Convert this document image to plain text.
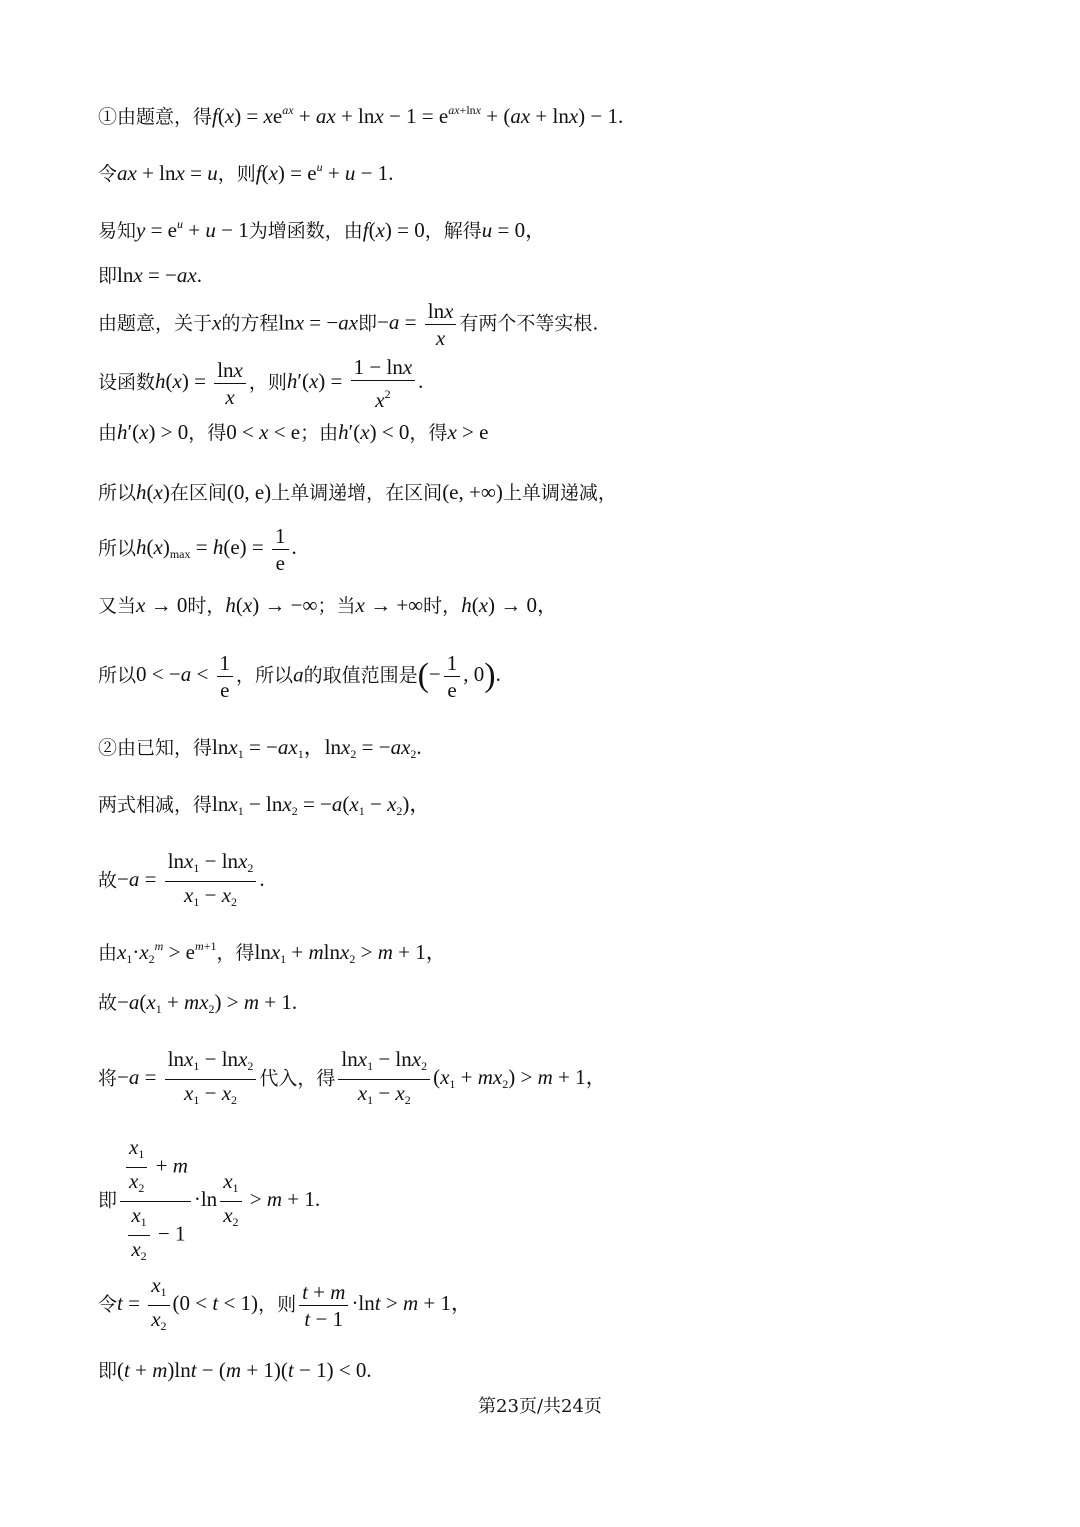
①由题意，得$f(x) = xe^{ax}$ + ax + $\ln x - 1 = e^{ax+lnx} + (ax + \ln x) - 1$.
令ax + lnx = u，则$f(x) = e^u + u - 1$.
易知$y = e^u + u - 1$为增函数，由f(x) = 0，解得u = 0，
即lnx = −ax.
由题意，关于x的方程lnx = −ax即$-a = \frac{\ln x}{x}$ 有两个不等实根.
设函数$h(x) = \frac{\ln x}{x}$ ，则$h'(x) = \frac{1 - \ln x}{x^2}$ .
由h′(x) > 0，得0 < x < e；由h′(x) < 0，得x > e
所以h(x)在区间(0, e)上单调递增，在区间(e, +∞)上单调递减，
所以$h(x)_{max} = h(e) = \frac{1}{e}$ .
又当x → 0时，h(x) → −∞；当x → +∞时，h(x) → 0，
所以$0 < -a < \frac{1}{e}$ ，所以a的取值范围是(− $\frac{1}{e}$ , 0).
②由已知，得$\ln x_1 = -ax_1$，$\ln x_2 = -ax_2$.
两式相减，得$\ln x_1 - \ln x_2 = -a(x_1 - x_2)$，
故$-a = \frac{\ln x_1 - \ln x_2}{x_1 - x_2}$ .
由$x_1\cdot x_2^m > e^{m+1}$，得lnx$_1$ + mlnx$_2$ > m + 1，
故$-a(x_1 + mx_2) > m + 1$.
将$-a = \frac{\ln x_1 - \ln x_2}{x_1 - x_2}$ 代入，得 $\frac{\ln x_1 - \ln x_2}{x_1 - x_2} (x_1 + mx_2) > m + 1$，
即 $\frac{\frac{x_1}{x_2} + m}{\frac{x_1}{x_2} - 1} \cdot\ln \frac{x_1}{x_2} > m + 1$.
令$t = \frac{x_1}{x_2} (0 < t < 1)$，则 $\frac{t + m}{t - 1} \cdot\ln t > m + 1$，
即(t + m)lnt − (m + 1)(t − 1) < 0.
第23页/共24页
